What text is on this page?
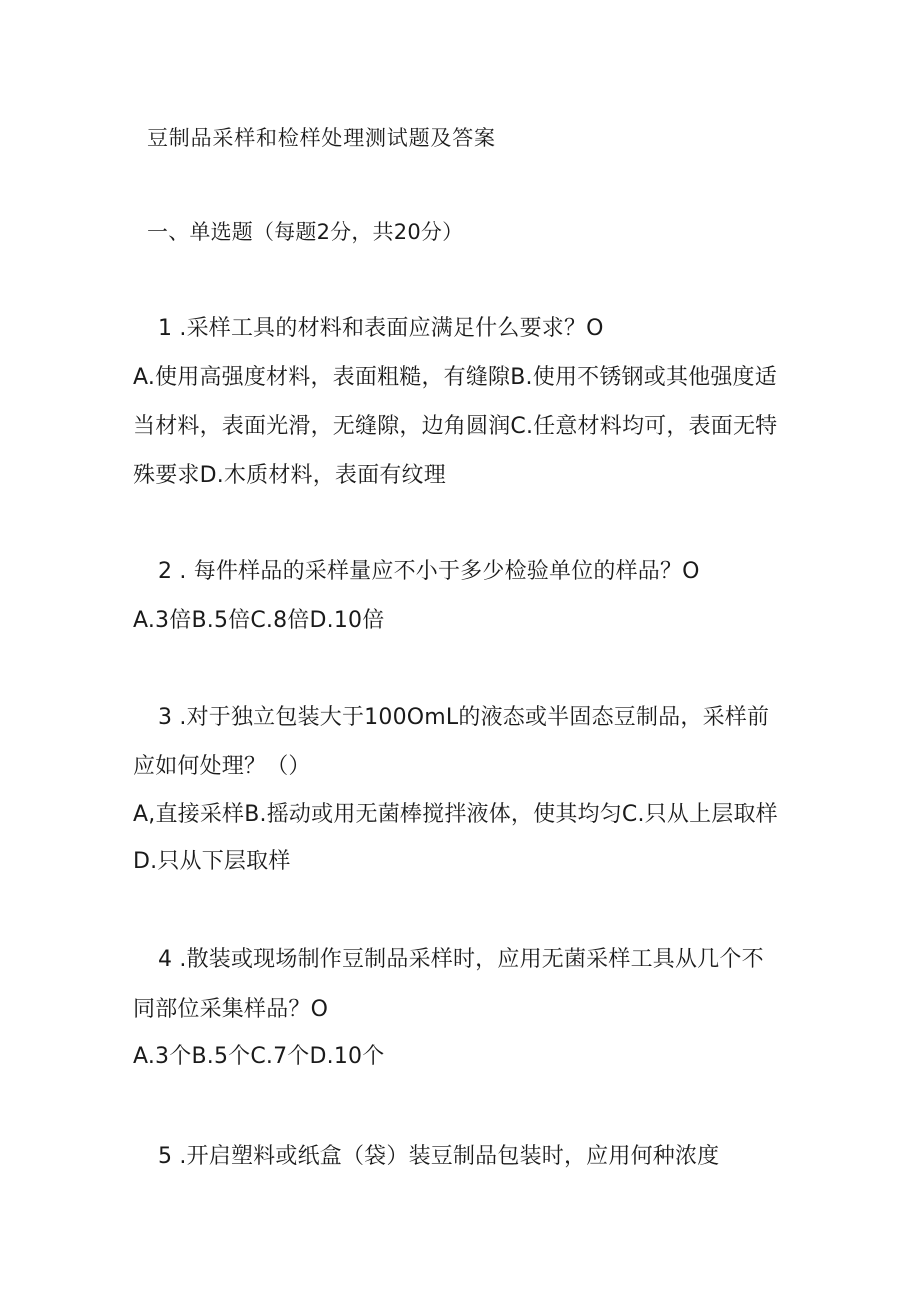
豆制品采样和检样处理测试题及答案
一、单选题（每题2分，共20分）
1 .采样工具的材料和表面应满足什么要求？O
A.使用高强度材料，表面粗糙，有缝隙B.使用不锈钢或其他强度适
当材料，表面光滑，无缝隙，边角圆润C.任意材料均可，表面无特
殊要求D.木质材料，表面有纹理
2 . 每件样品的采样量应不小于多少检验单位的样品？O
A.3倍B.5倍C.8倍D.10倍
3 .对于独立包装大于100OmL的液态或半固态豆制品，采样前
应如何处理？（）
A,直接采样B.摇动或用无菌棒搅拌液体，使其均匀C.只从上层取样
D.只从下层取样
4 .散装或现场制作豆制品采样时，应用无菌采样工具从几个不
同部位采集样品？O
A.3个B.5个C.7个D.10个
5 .开启塑料或纸盒（袋）装豆制品包装时，应用何种浓度
